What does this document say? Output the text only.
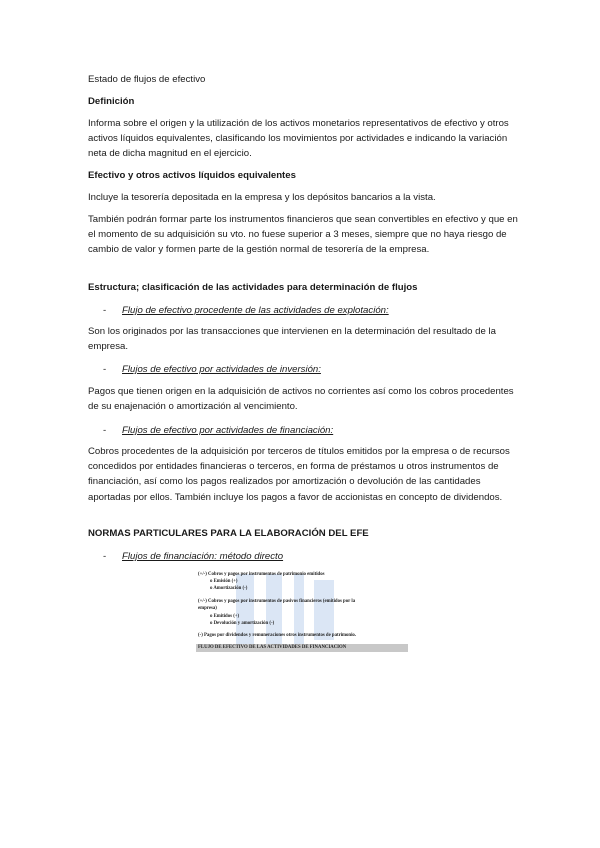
Estado de flujos de efectivo

Definición

Informa sobre el origen y la utilización de los activos monetarios representativos de efectivo y otros activos líquidos equivalentes, clasificando los movimientos por actividades e indicando la variación neta de dicha magnitud en el ejercicio.

Efectivo y otros activos líquidos equivalentes

Incluye la tesorería depositada en la empresa y los depósitos bancarios a la vista.

También podrán formar parte los instrumentos financieros que sean convertibles en efectivo y que en el momento de su adquisición su vto. no fuese superior a 3 meses, siempre que no haya riesgo de cambio de valor y formen parte de la gestión normal de tesorería de la empresa.

Estructura; clasificación de las actividades para determinación de flujos

- Flujo de efectivo procedente de las actividades de explotación:

Son los originados por las transacciones que intervienen en la determinación del resultado de la empresa.

- Flujos de efectivo por actividades de inversión:

Pagos que tienen origen en la adquisición de activos no corrientes así como los cobros procedentes de su enajenación o amortización al vencimiento.

- Flujos de efectivo por actividades de financiación:

Cobros procedentes de la adquisición por terceros de títulos emitidos por la empresa o de recursos concedidos por entidades financieras o terceros, en forma de préstamos u otros instrumentos de financiación, así como los pagos realizados por amortización o devolución de las cantidades aportadas por ellos. También incluye los pagos a favor de accionistas en concepto de dividendos.

NORMAS PARTICULARES PARA LA ELABORACIÓN DEL EFE

- Flujos de financiación: método directo
(+/-) Cobros y pagos por instrumentos de patrimonio emitidos
o Emisión (+)
o Amortización (-)
(+/-) Cobros y pagos por instrumentos de pasivos financieros (emitidos por la
empresa)
o Emitidos (+)
o Devolución y amortización (-)
(-) Pagos por dividendos y remuneraciones otros instrumentos de patrimonio.
FLUJO DE EFECTIVO DE LAS ACTIVIDADES DE FINANCIACION
